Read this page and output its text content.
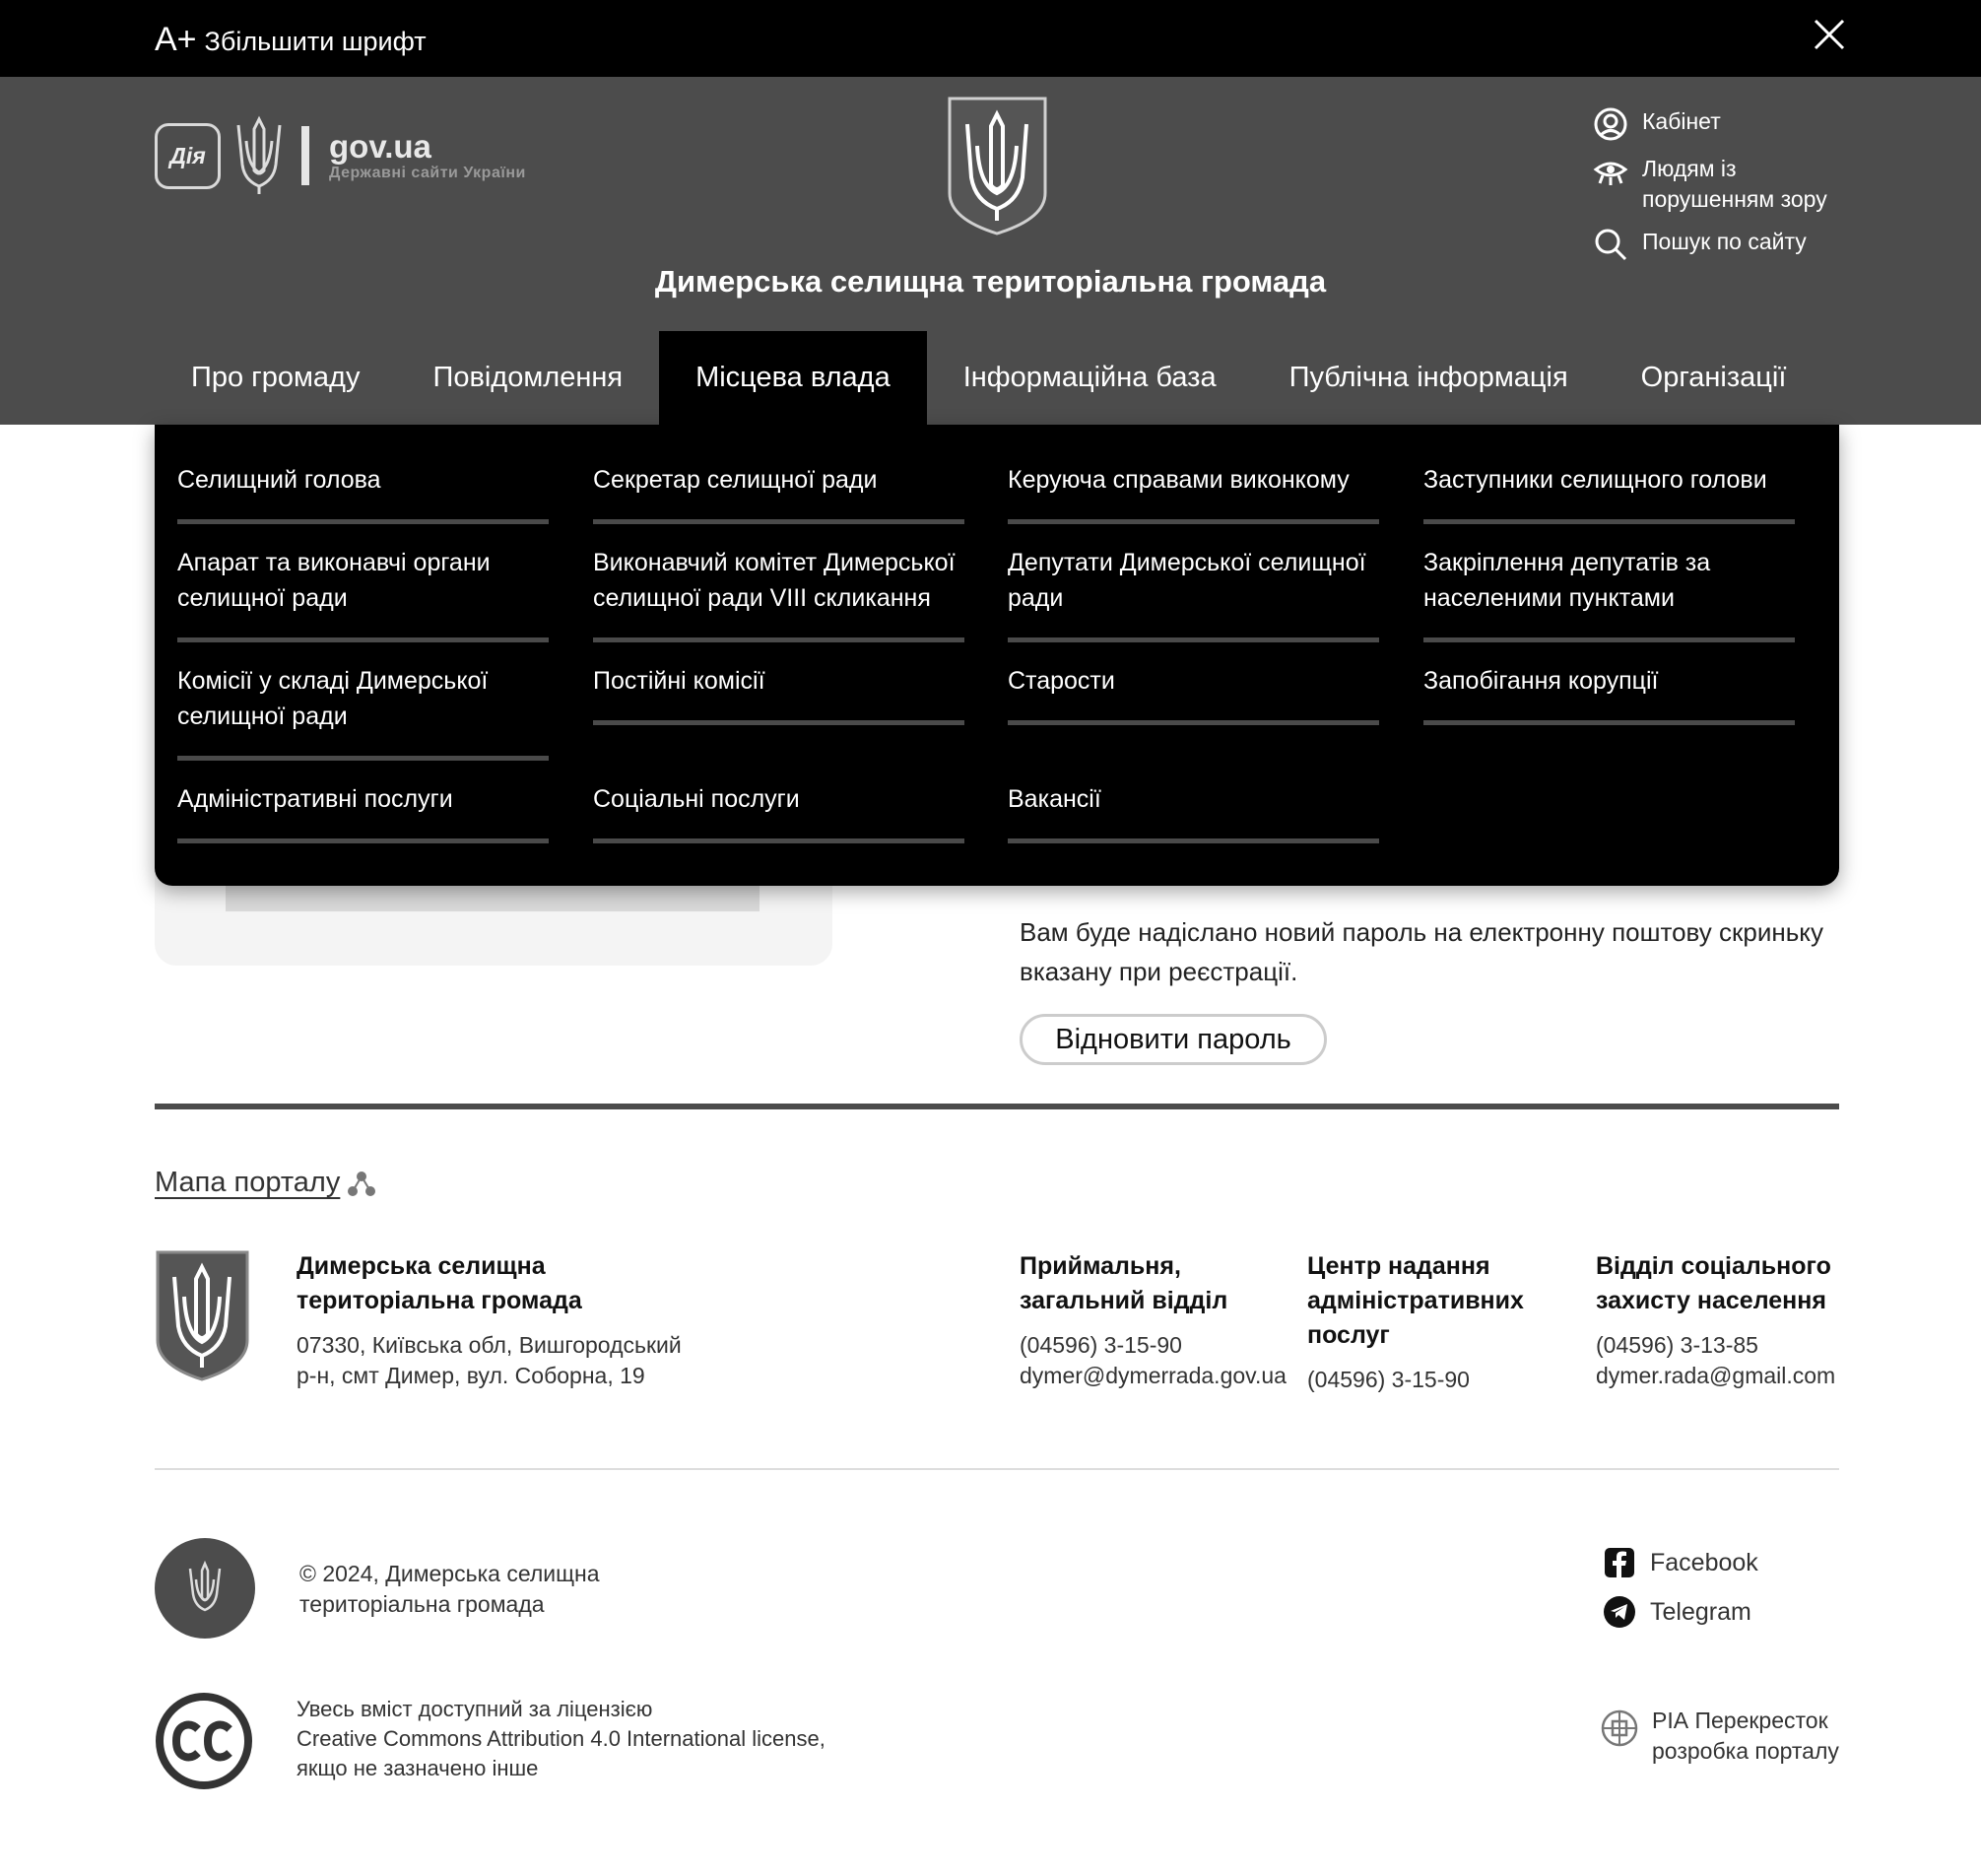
A+ Збільшити шрифт
Дія	gov.ua
Державні сайти України
Димерська селищна територіальна громада
Кабінет
Людям із порушенням зору
Пошук по сайту
Про громаду	Повідомлення	Місцева влада	Інформаційна база	Публічна інформація	Організації
Вам буде надіслано новий пароль на електронну поштову скриньку вказану при реєстрації.
Відновити пароль
Селищний голова
Апарат та виконавчі органи селищної ради
Комісії у складі Димерської селищної ради
Адміністративні послуги
Секретар селищної ради
Виконавчий комітет Димерської селищної ради VIII скликання
Постійні комісії
Соціальні послуги
Керуюча справами виконкому
Депутати Димерської селищної ради
Старости
Вакансії
Заступники селищного голови
Закріплення депутатів за населеними пунктами
Запобігання корупції
Мапа порталу
Димерська селищна територіальна громада
07330, Київська обл, Вишгородський р-н, смт Димер, вул. Соборна, 19
Приймальня, загальний відділ
(04596) 3-15-90
dymer@dymerrada.gov.ua
Центр надання адміністративних послуг
(04596) 3-15-90
Відділ соціального захисту населення
(04596) 3-13-85
dymer.rada@gmail.com
© 2024, Димерська селищна територіальна громада
Facebook
Telegram
Увесь вміст доступний за ліцензією
Creative Commons Attribution 4.0 International license,
якщо не зазначено інше
РІА Перекресток
розробка порталу
